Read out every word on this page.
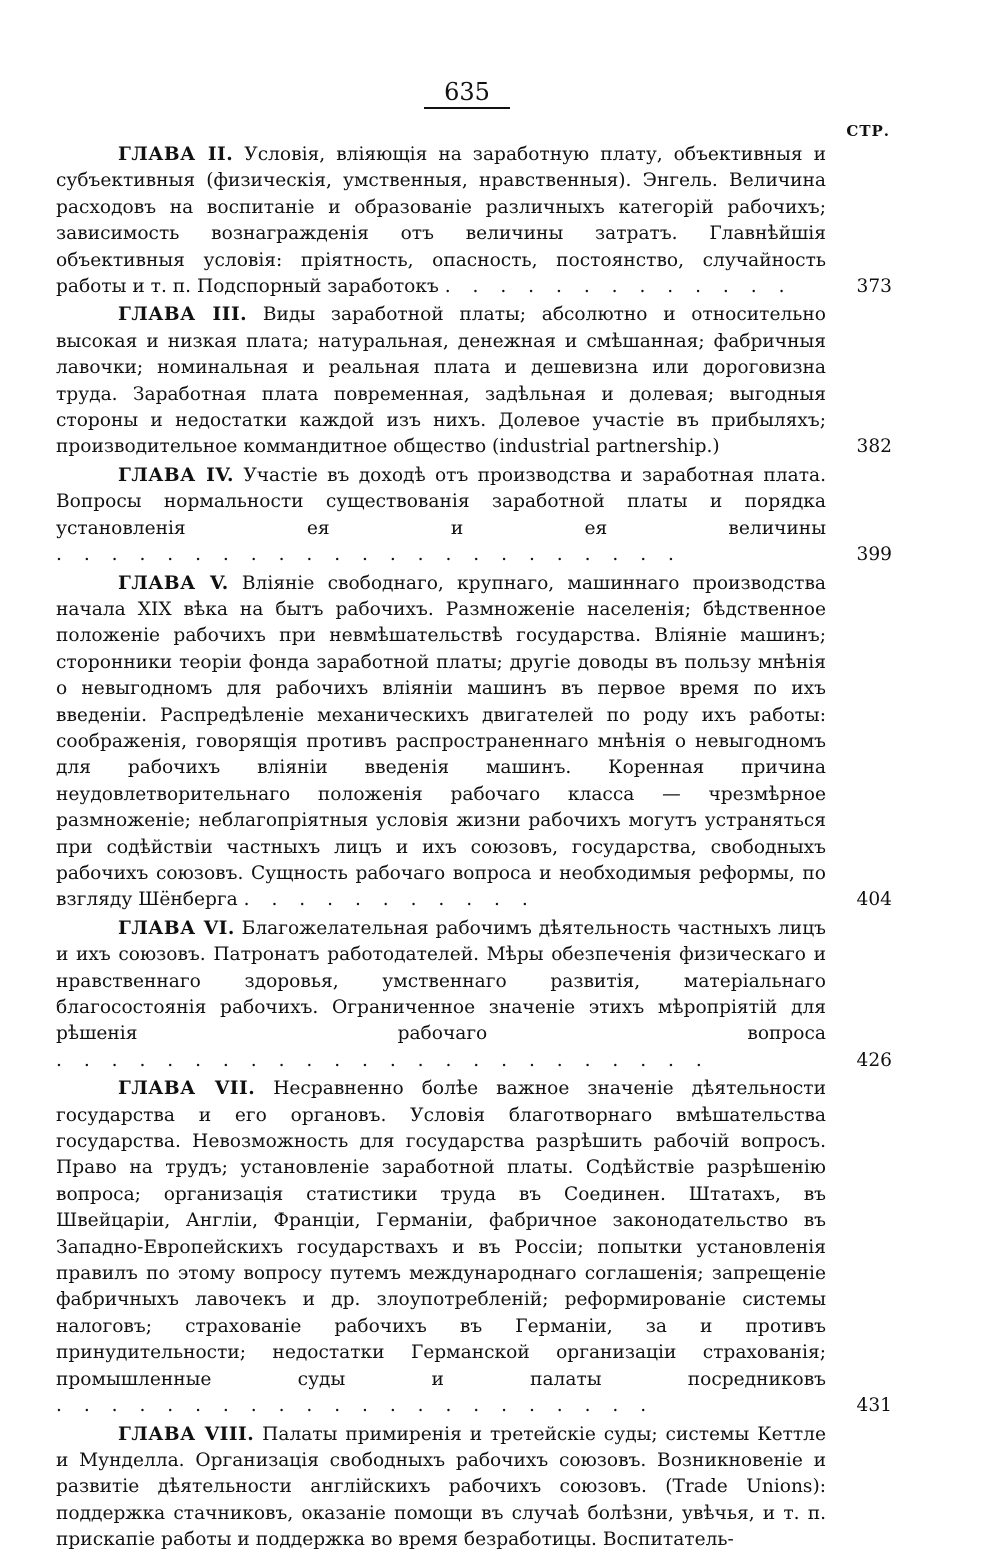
635
СТР.
ГЛАВА II. Условія, вліяющія на заработную плату, объективныя и субъективныя (физическія, умственныя, нравственныя). Энгель. Величина расходовъ на воспитаніе и образованіе различныхъ категорій рабочихъ; зависимость вознагражденія отъ величины затратъ. Главнѣйшія объективныя условія: пріятность, опасность, постоянство, случайность работы и т. п. Подспорный заработокъ . . . . . . . . . . . . .	373
ГЛАВА III. Виды заработной платы; абсолютно и относительно высокая и низкая плата; натуральная, денежная и смѣшанная; фабричныя лавочки; номинальная и реальная плата и дешевизна или дороговизна труда. Заработная плата повременная, задѣльная и долевая; выгодныя стороны и недостатки каждой изъ нихъ. Долевое участіе въ прибыляхъ; производительное коммандитное общество (industrial partnership.)	382
ГЛАВА IV. Участіе въ доходѣ отъ производства и заработная плата. Вопросы нормальности существованія заработной платы и порядка установленія ея и ея величины . . . . . . . . . . . . . . . . . . . . . . .	399
ГЛАВА V. Вліяніе свободнаго, крупнаго, машиннаго производства начала XIX вѣка на бытъ рабочихъ. Размноженіе населенія; бѣдственное положеніе рабочихъ при невмѣшательствѣ государства. Вліяніе машинъ; сторонники теоріи фонда заработной платы; другіе доводы въ пользу мнѣнія о невыгодномъ для рабочихъ вліяніи машинъ въ первое время по ихъ введеніи. Распредѣленіе механическихъ двигателей по роду ихъ работы: соображенія, говорящія противъ распространеннаго мнѣнія о невыгодномъ для рабочихъ вліяніи введенія машинъ. Коренная причина неудовлетворительнаго положенія рабочаго класса — чрезмѣрное размноженіе; неблагопріятныя условія жизни рабочихъ могутъ устраняться при содѣйствіи частныхъ лицъ и ихъ союзовъ, государства, свободныхъ рабочихъ союзовъ. Сущность рабочаго вопроса и необходимыя реформы, по взгляду Шёнберга . . . . . . . . . . .	404
ГЛАВА VI. Благожелательная рабочимъ дѣятельность частныхъ лицъ и ихъ союзовъ. Патронатъ работодателей. Мѣры обезпеченія физическаго и нравственнаго здоровья, умственнаго развитія, матеріальнаго благосостоянія рабочихъ. Ограниченное значеніе этихъ мѣропріятій для рѣшенія рабочаго вопроса . . . . . . . . . . . . . . . . . . . . . . . .	426
ГЛАВА VII. Несравненно болѣе важное значеніе дѣятельности государства и его органовъ. Условія благотворнаго вмѣшательства государства. Невозможность для государства разрѣшить рабочій вопросъ. Право на трудъ; установленіе заработной платы. Содѣйствіе разрѣшенію вопроса; организація статистики труда въ Соединен. Штатахъ, въ Швейцаріи, Англіи, Франціи, Германіи, фабричное законодательство въ Западно-Европейскихъ государствахъ и въ Россіи; попытки установленія правилъ по этому вопросу путемъ международнаго соглашенія; запрещеніе фабричныхъ лавочекъ и др. злоупотребленій; реформированіе системы налоговъ; страхованіе рабочихъ въ Германіи, за и противъ принудительности; недостатки Германской организаціи страхованія; промышленные суды и палаты посредниковъ . . . . . . . . . . . . . . . . . . . . . .	431
ГЛАВА VIII. Палаты примиренія и третейскіе суды; системы Кеттле и Мунделла. Организація свободныхъ рабочихъ союзовъ. Возникновеніе и развитіе дѣятельности англійскихъ рабочихъ союзовъ. (Trade Unions): поддержка стачниковъ, оказаніе помощи въ случаѣ болѣзни, увѣчья, и т. п. прискапіе работы и поддержка во время безработицы. Воспитатель-
